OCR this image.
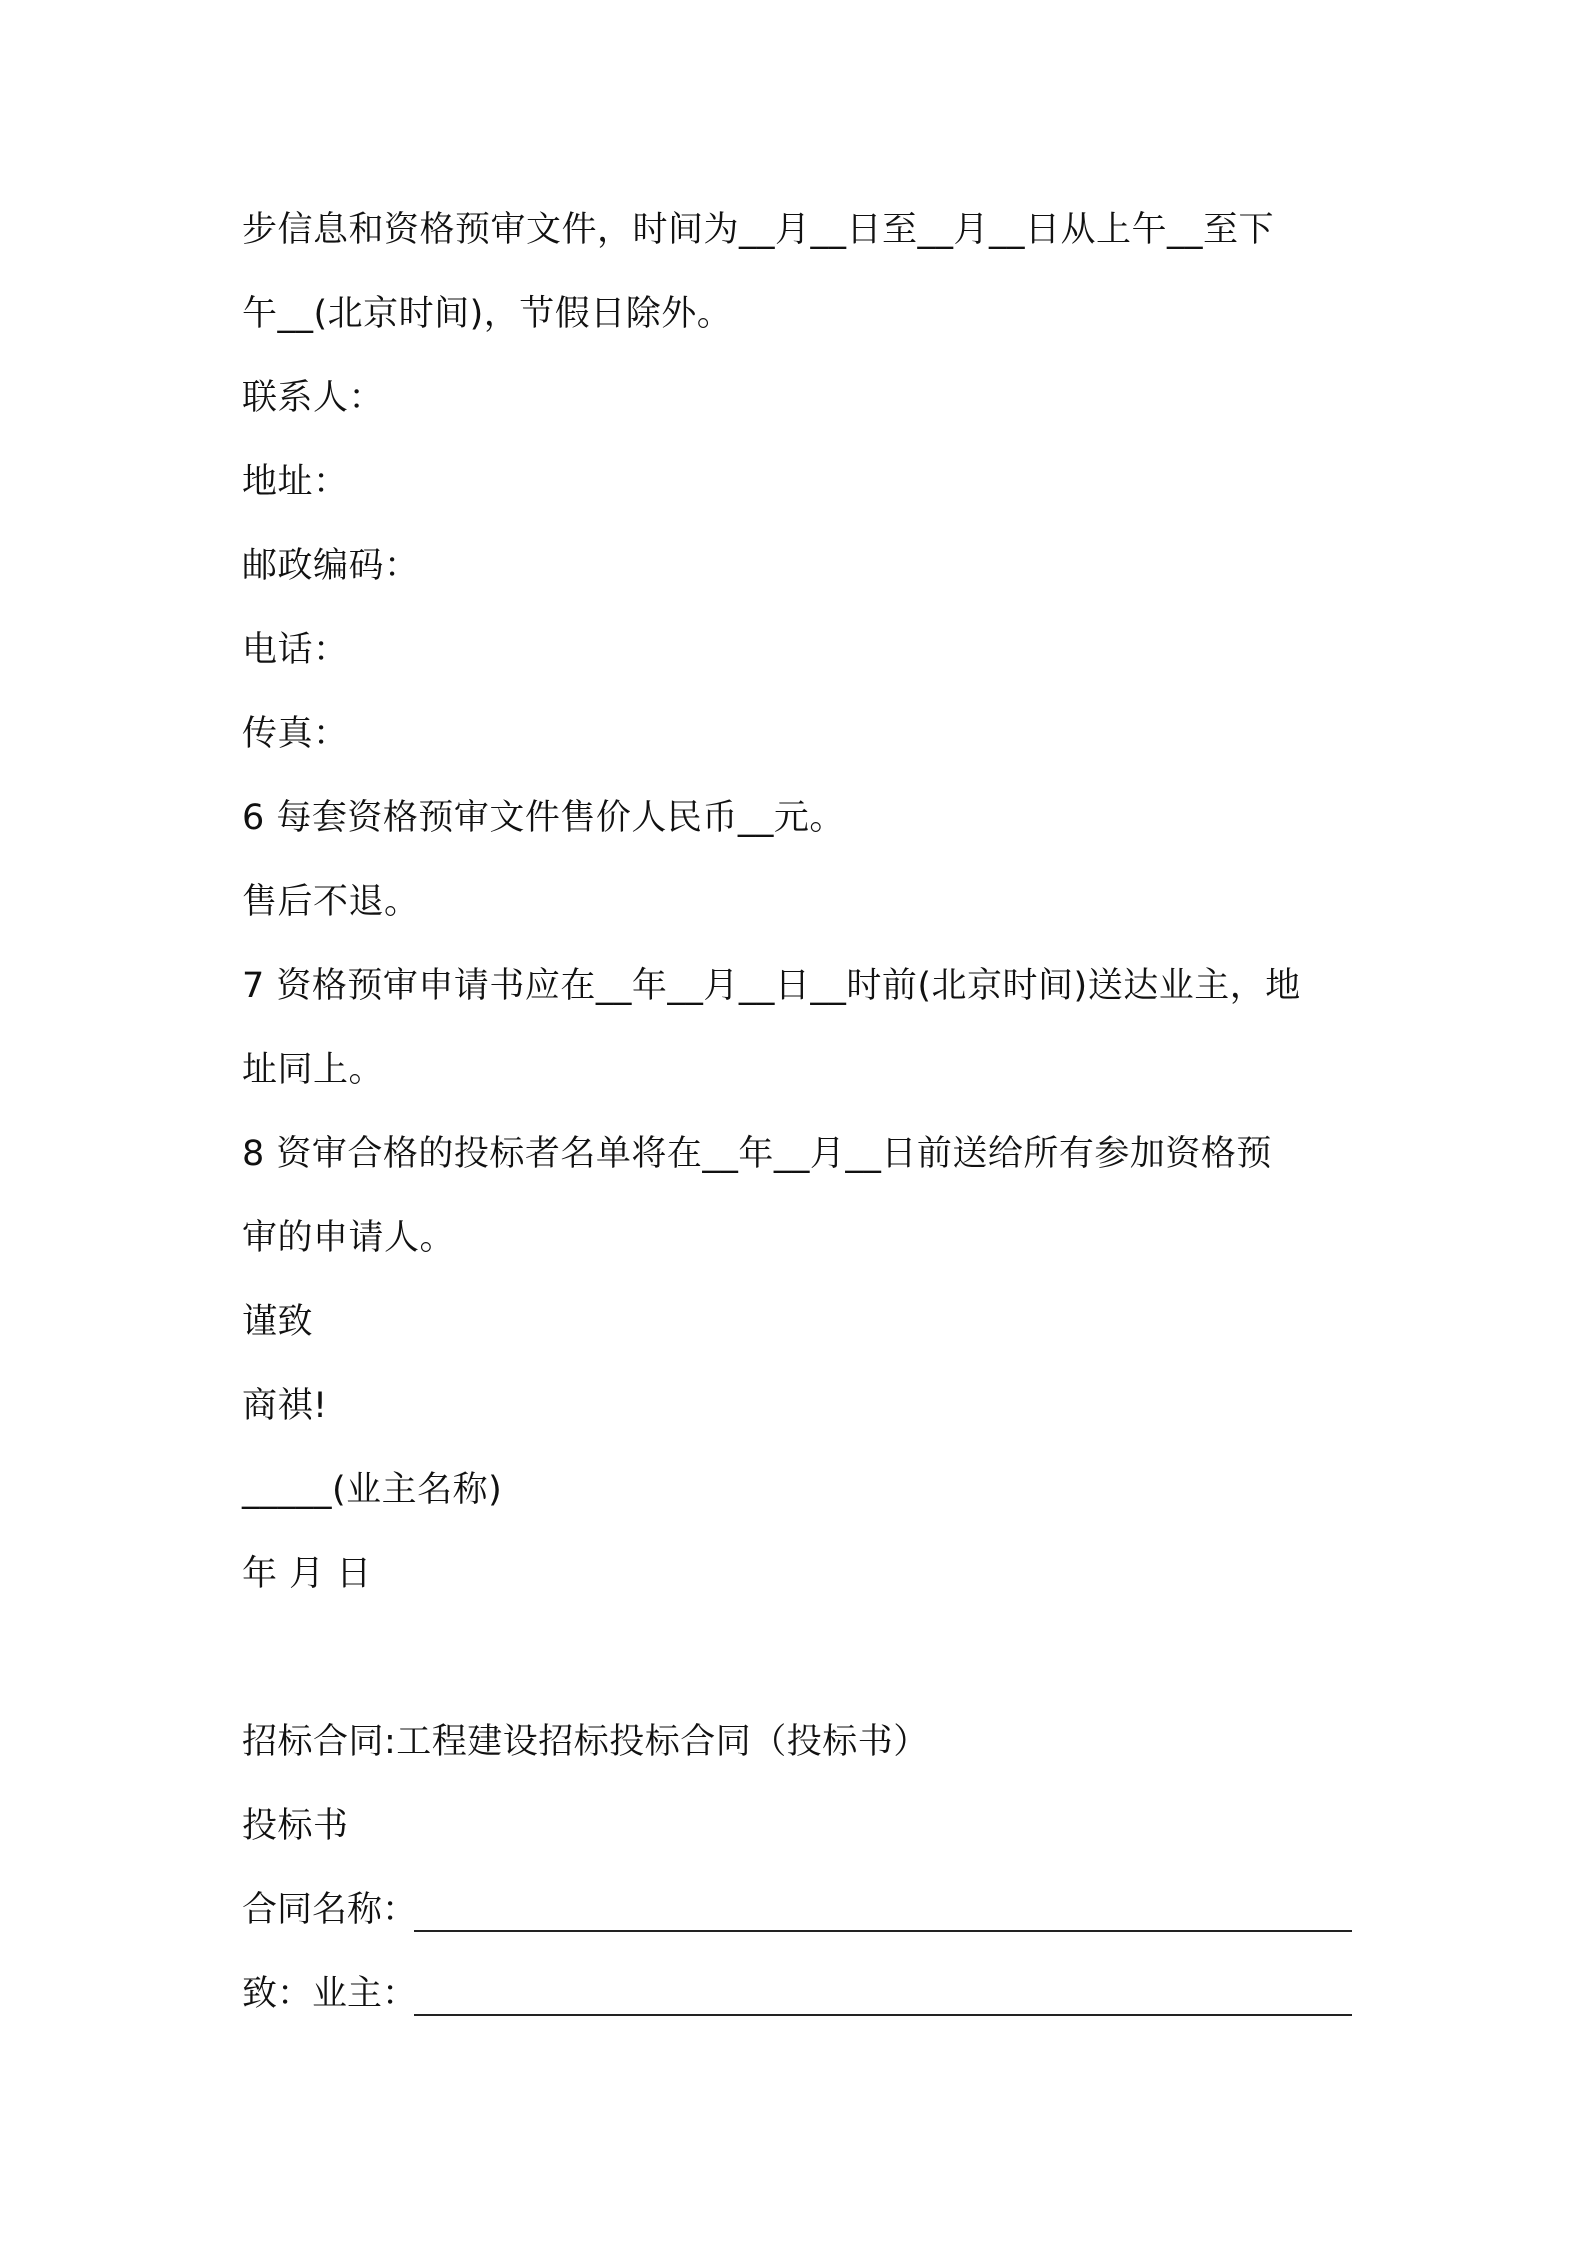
步信息和资格预审文件，时间为__月__日至__月__日从上午__至下
午__(北京时间)，节假日除外。
联系人：
地址：
邮政编码：
电话：
传真：
6 每套资格预审文件售价人民币__元。
售后不退。
7 资格预审申请书应在__年__月__日__时前(北京时间)送达业主，地
址同上。
8 资审合格的投标者名单将在__年__月__日前送给所有参加资格预
审的申请人。
谨致
商祺!
_____(业主名称)
年 月 日
招标合同:工程建设招标投标合同（投标书）
投标书
合同名称：
致：业主：
